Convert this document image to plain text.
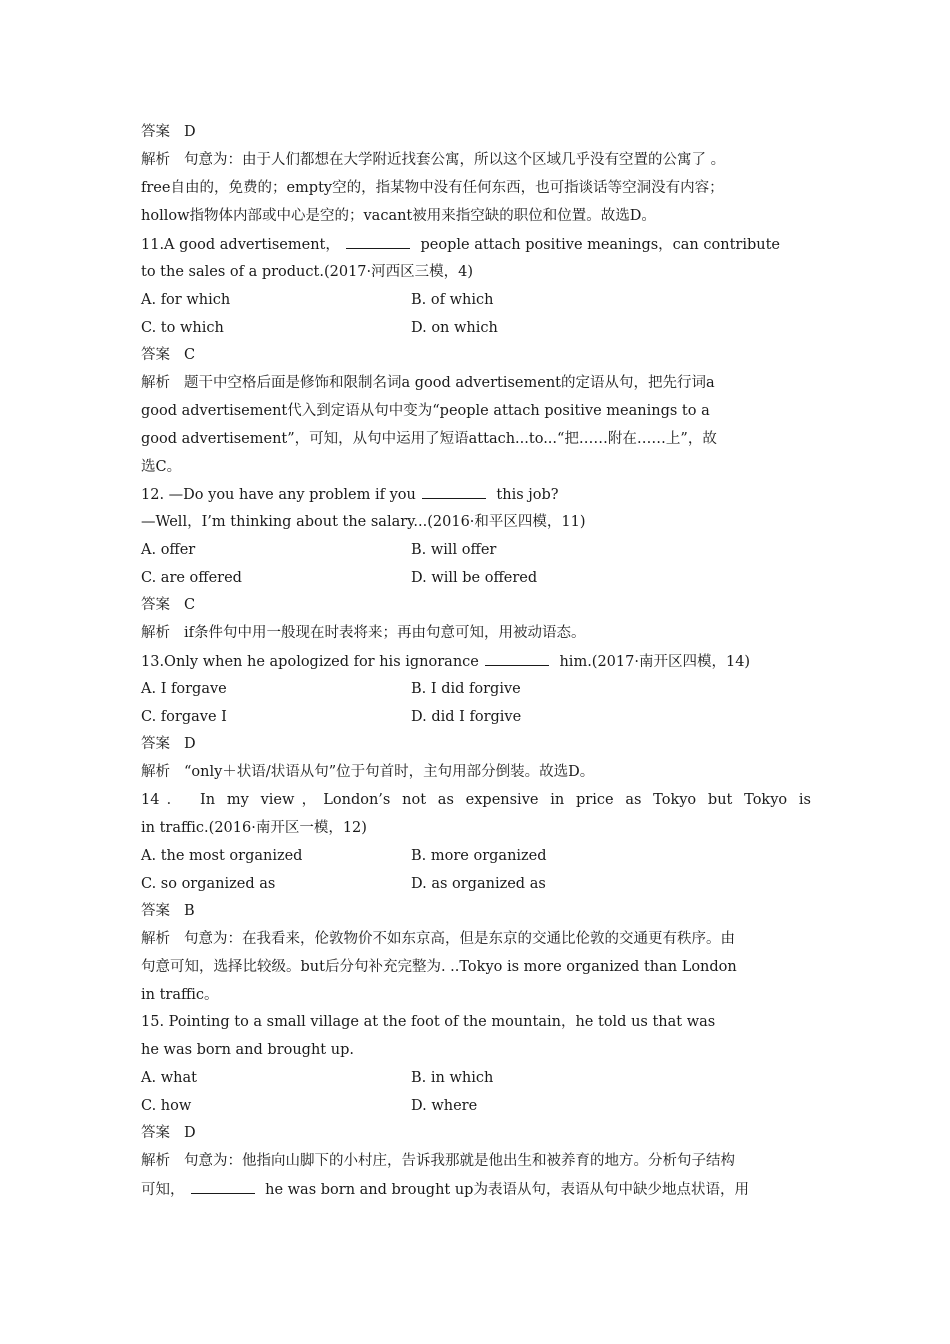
答案 D
解析 句意为：由于人们都想在大学附近找套公寓，所以这个区域几乎没有空置的公寓了 。
free自由的，免费的；empty空的，指某物中没有任何东西，也可指谈话等空洞没有内容；
hollow指物体内部或中心是空的；vacant被用来指空缺的职位和位置。故选D。
11.A good advertisement，	people attach positive meanings，can contribute
to the sales of a product.(2017·河西区三模，4)
A. for which	B. of which
C. to which	D. on which
答案 C
解析 题干中空格后面是修饰和限制名词a good advertisement的定语从句，把先行词a
good advertisement代入到定语从句中变为“people attach positive meanings to a
good advertisement”，可知，从句中运用了短语attach...to...“把……附在……上”，故
选C。
12. —Do you have any problem if you	this job?
—Well，I’m thinking about the salary...(2016·和平区四模，11)
A. offer	B. will offer
C. are offered	D. will be offered
答案 C
解析 if条件句中用一般现在时表将来；再由句意可知，用被动语态。
13.Only when he apologized for his ignorance	him.(2017·南开区四模，14)
A. I forgave	B. I did forgive
C. forgave I	D. did I forgive
答案 D
解析 “only＋状语/状语从句”位于句首时，主句用部分倒装。故选D。
14． In my view，London’s not as expensive in price as Tokyo but Tokyo is
in traffic.(2016·南开区一模，12)
A. the most organized	B. more organized
C. so organized as	D. as organized as
答案 B
解析 句意为：在我看来，伦敦物价不如东京高，但是东京的交通比伦敦的交通更有秩序。由
句意可知，选择比较级。but后分句补充完整为. ..Tokyo is more organized than London
in traffic。
15. Pointing to a small village at the foot of the mountain，he told us that was
he was born and brought up.
A. what	B. in which
C. how	D. where
答案 D
解析 句意为：他指向山脚下的小村庄，告诉我那就是他出生和被养育的地方。分析句子结构
可知，	he was born and brought up为表语从句，表语从句中缺少地点状语，用
